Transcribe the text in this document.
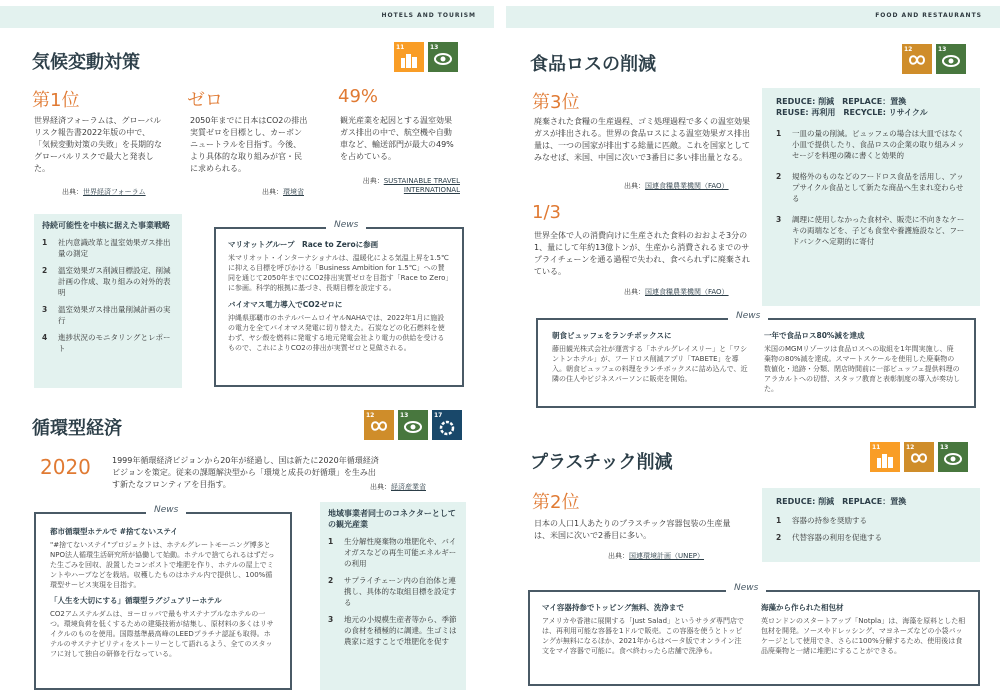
HOTELS AND TOURISM
気候変動対策
11	13
第1位
世界経済フォーラムは、グローバルリスク報告書2022年版の中で、「気候変動対策の失敗」を長期的なグローバルリスクで最大と発表した。
出典：世界経済フォーラム
ゼロ
2050年までに日本はCO2の排出実質ゼロを目標とし、カーボンニュートラルを目指す。今後、より具体的な取り組みが官・民に求められる。
出典：環境省
49%
観光産業を起因とする温室効果ガス排出の中で、航空機や自動車など、輸送部門が最大の49%を占めている。
出典：SUSTAINABLE TRAVEL INTERNATIONAL
持続可能性を中核に据えた事業戦略
1	社内意識改革と温室効果ガス排出量の測定
2	温室効果ガス削減目標設定、削減計画の作成、取り組みの対外的表明
3	温室効果ガス排出量削減計画の実行
4	進捗状況のモニタリングとレポート
News
マリオットグループ　Race to Zeroに参画
米マリオット・インターナショナルは、温暖化による気温上昇を1.5℃に抑える目標を呼びかける「Business Ambition for 1.5℃」への賛同を通じて2050年までにCO2排出実質ゼロを目指す「Race to Zero」に参画。科学的根拠に基づき、長期目標を設定する。
バイオマス電力導入でCO2ゼロに
沖縄県那覇市のホテルパームロイヤルNAHAでは、2022年1月に施設の電力を全てバイオマス発電に切り替えた。石炭などの化石燃料を使わず、ヤシ殻を燃料に発電する地元発電会社より電力の供給を受けるもので、これによりCO2の排出が実質ゼロと見做される。
循環型経済
12	13	17
2020	1999年循環経済ビジョンから20年が経過し、国は新たに2020年循環経済ビジョンを策定。従来の課題解決型から「環境と成長の好循環」を生み出す新たなフロンティアを目指す。	出典：経済産業省
News
都市循環型ホテルで #捨てないステイ
"#捨てないステイ"プロジェクトは、ホテルグレートモーニング博多とNPO法人循環生活研究所が協働して始動。ホテルで捨てられるはずだった生ごみを回収、設置したコンポストで堆肥を作り、ホテルの屋上でミントやハーブなどを栽培。収穫したものはホテル内で提供し、100%循環型サービス実現を目指す。
「人生を大切にする」循環型ラグジュアリーホテル
CO2アムステルダムは、ヨーロッパで最もサステナブルなホテルの一つ。環境負荷を低くするための建築技術が結集し、原材料の多くはリサイクルのものを使用。国際基準最高峰のLEEDプラチナ認証も取得。ホテルのサステナビリティをストーリーとして語れるよう、全てのスタッフに対して独自の研修を行なっている。
地域事業者同士のコネクターとしての観光産業
1	生分解性廃棄物の堆肥化や、バイオガスなどの再生可能エネルギーの利用
2	サプライチェーン内の自治体と連携し、具体的な取組目標を設定する
3	地元の小規模生産者等から、季節の食材を積極的に調達。生ゴミは農家に返すことで堆肥化を促す
FOOD AND RESTAURANTS
食品ロスの削減
12	13
第3位
廃棄された食糧の生産過程、ゴミ処理過程で多くの温室効果ガスが排出される。世界の食品ロスによる温室効果ガス排出量は、一つの国家が排出する総量に匹敵。これを国家としてみなせば、米国、中国に次いで3番目に多い排出量となる。
出典：国連食糧農業機関（FAO）
1/3
世界全体で人の消費向けに生産された食料のおおよそ3分の1、量にして年約13億トンが、生産から消費されるまでのサプライチェーンを通る過程で失われ、食べられずに廃棄されている。
出典：国連食糧農業機関（FAO）
REDUCE: 削減　REPLACE：置換
REUSE: 再利用　RECYCLE: リサイクル
1	一皿の量の削減。ビュッフェの場合は大皿ではなく小皿で提供したり、食品ロスの企業の取り組みメッセージを料理の隣に書くと効果的
2	規格外のものなどのフードロス食品を活用し、アップサイクル食品として新たな商品へ生まれ変わらせる
3	調理に使用しなかった食材や、販売に不向きなケーキの両端などを、子ども食堂や養護施設など、フードバンクへ定期的に寄付
News
朝食ビュッフェをランチボックスに
藤田観光株式会社が運営する「ホテルグレイスリー」と「ワシントンホテル」が、フードロス削減アプリ「TABETE」を導入。朝食ビュッフェの料理をランチボックスに詰め込んで、近隣の住人やビジネスパーソンに販売を開始。
一年で食品ロス80%減を達成
米国のMGMリゾーツは食品ロスへの取組を1年間実施し、廃棄物の80%減を達成。スマートスケールを使用した廃棄物の数値化・追跡・分類、閉店時間前に一部ビュッフェ提供料理のアラカルトへの切替、スタッフ教育と表彰制度の導入が奏功した。
プラスチック削減
11	12	13
第2位
日本の人口1人あたりのプラスチック容器包装の生産量は、米国に次いで2番目に多い。
出典：国連環境計画（UNEP）
REDUCE: 削減　REPLACE：置換
1	容器の持参を奨励する
2	代替容器の利用を促進する
News
マイ容器持参でトッピング無料、洗浄まで
アメリカや香港に展開する「Just Salad」というサラダ専門店では、再利用可能な容器を1ドルで販売。この容器を使うとトッピングが無料になるほか、2021年からはベータ版でオンライン注文をマイ容器で可能に。食べ終わったら店舗で洗浄も。
海藻から作られた相包材
英ロンドンのスタートアップ「Notpla」は、海藻を原料とした相包材を開発。ソースやドレッシング、マヨネーズなどの小袋パッケージとして使用でき、さらに100%分解するため、使用後は食品廃棄物と一緒に堆肥にすることができる。
